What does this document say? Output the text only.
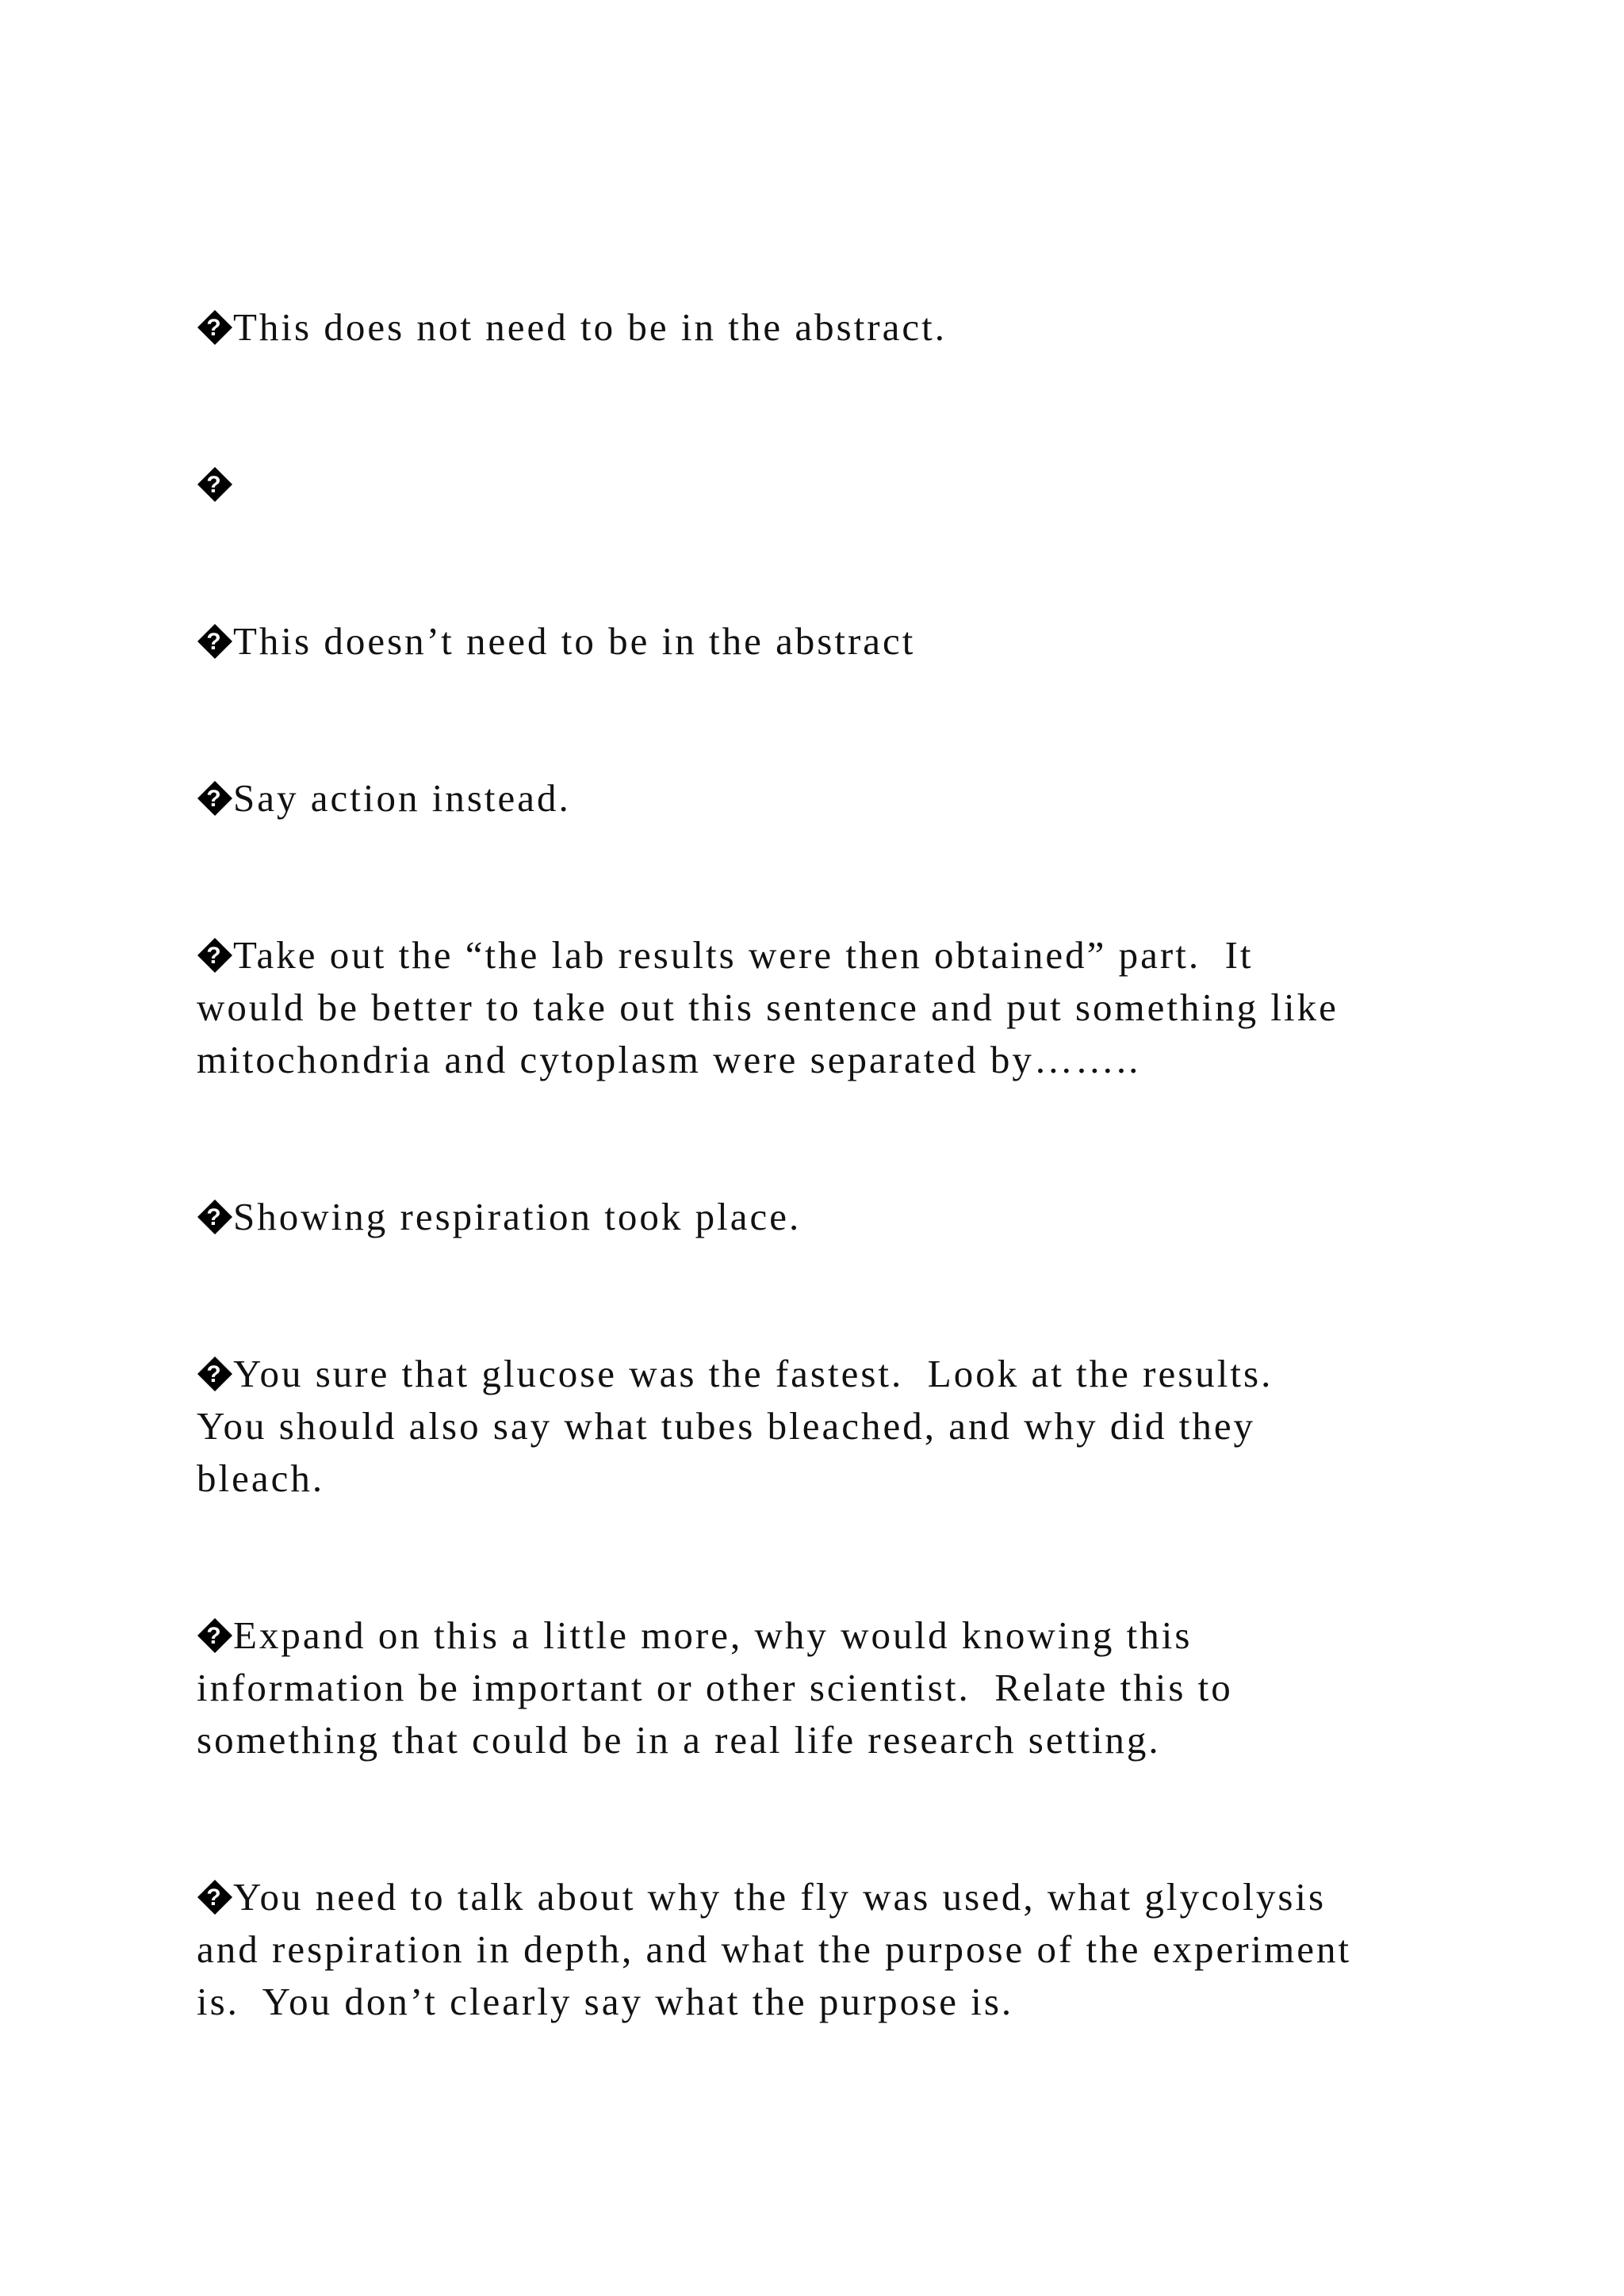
? This does not need to be in the abstract.

?

? This doesn’t need to be in the abstract

? Say action instead.

? Take out the “the lab results were then obtained” part.  It
would be better to take out this sentence and put something like
mitochondria and cytoplasm were separated by……..

? Showing respiration took place.

? You sure that glucose was the fastest.  Look at the results.
You should also say what tubes bleached, and why did they
bleach.

? Expand on this a little more, why would knowing this
information be important or other scientist.  Relate this to
something that could be in a real life research setting.

? You need to talk about why the fly was used, what glycolysis
and respiration in depth, and what the purpose of the experiment
is.  You don’t clearly say what the purpose is.
